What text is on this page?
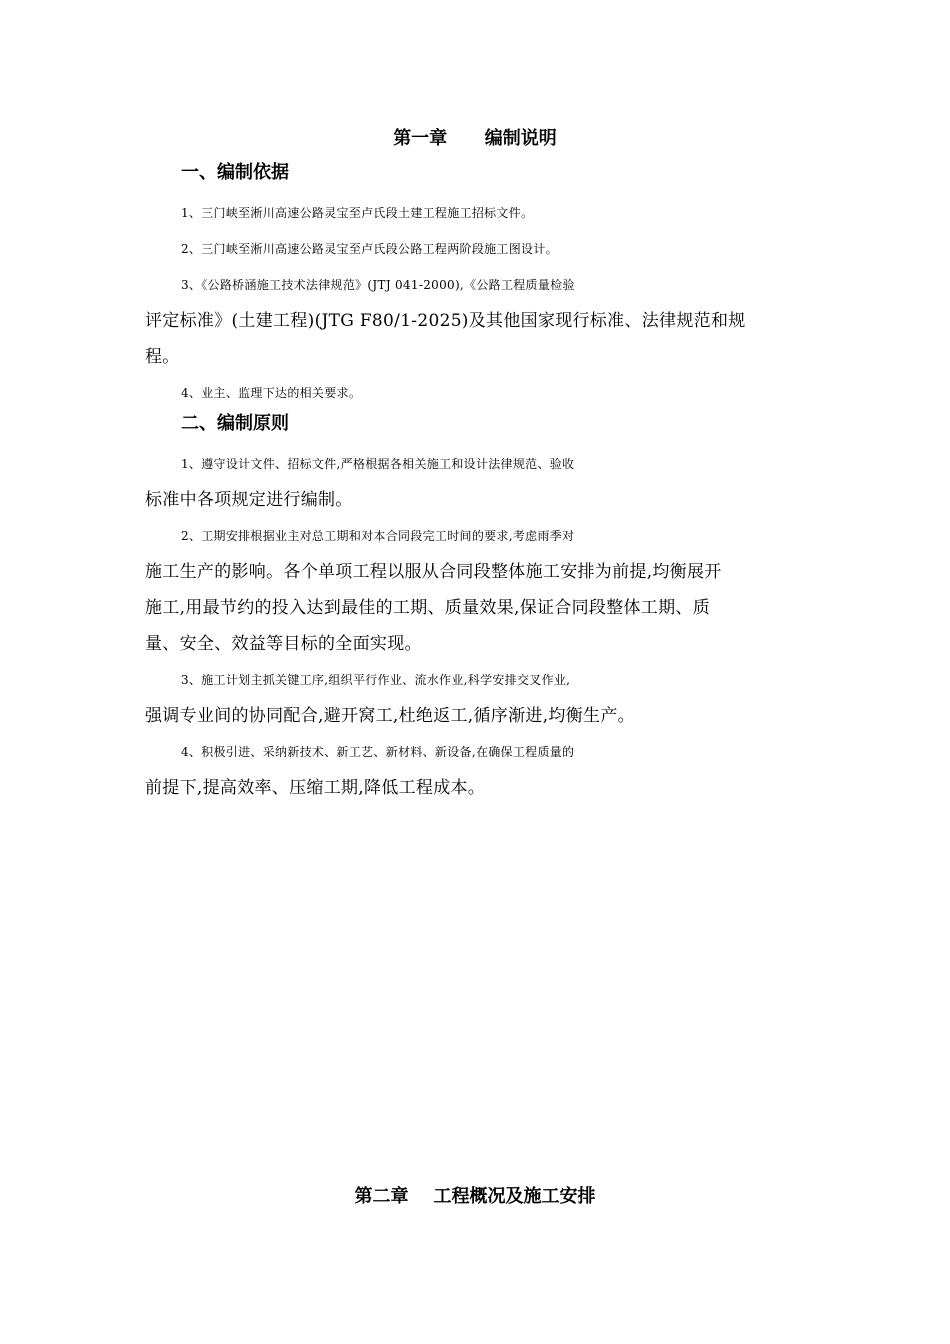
第一章      编制说明
一、编制依据

1、三门峡至淅川高速公路灵宝至卢氏段土建工程施工招标文件。

2、三门峡至淅川高速公路灵宝至卢氏段公路工程两阶段施工图设计。

3、《公路桥涵施工技术法律规范》(JTJ 041-2000),《公路工程质量检验
评定标准》(土建工程)(JTG F80/1-2025)及其他国家现行标准、法律规范和规
程。

4、业主、监理下达的相关要求。

二、编制原则

1、遵守设计文件、招标文件,严格根据各相关施工和设计法律规范、验收
标准中各项规定进行编制。

2、工期安排根据业主对总工期和对本合同段完工时间的要求,考虑雨季对
施工生产的影响。各个单项工程以服从合同段整体施工安排为前提,均衡展开
施工,用最节约的投入达到最佳的工期、质量效果,保证合同段整体工期、质
量、安全、效益等目标的全面实现。

3、施工计划主抓关键工序,组织平行作业、流水作业,科学安排交叉作业,
强调专业间的协同配合,避开窝工,杜绝返工,循序渐进,均衡生产。

4、积极引进、采纳新技术、新工艺、新材料、新设备,在确保工程质量的
前提下,提高效率、压缩工期,降低工程成本。

第二章    工程概况及施工安排
